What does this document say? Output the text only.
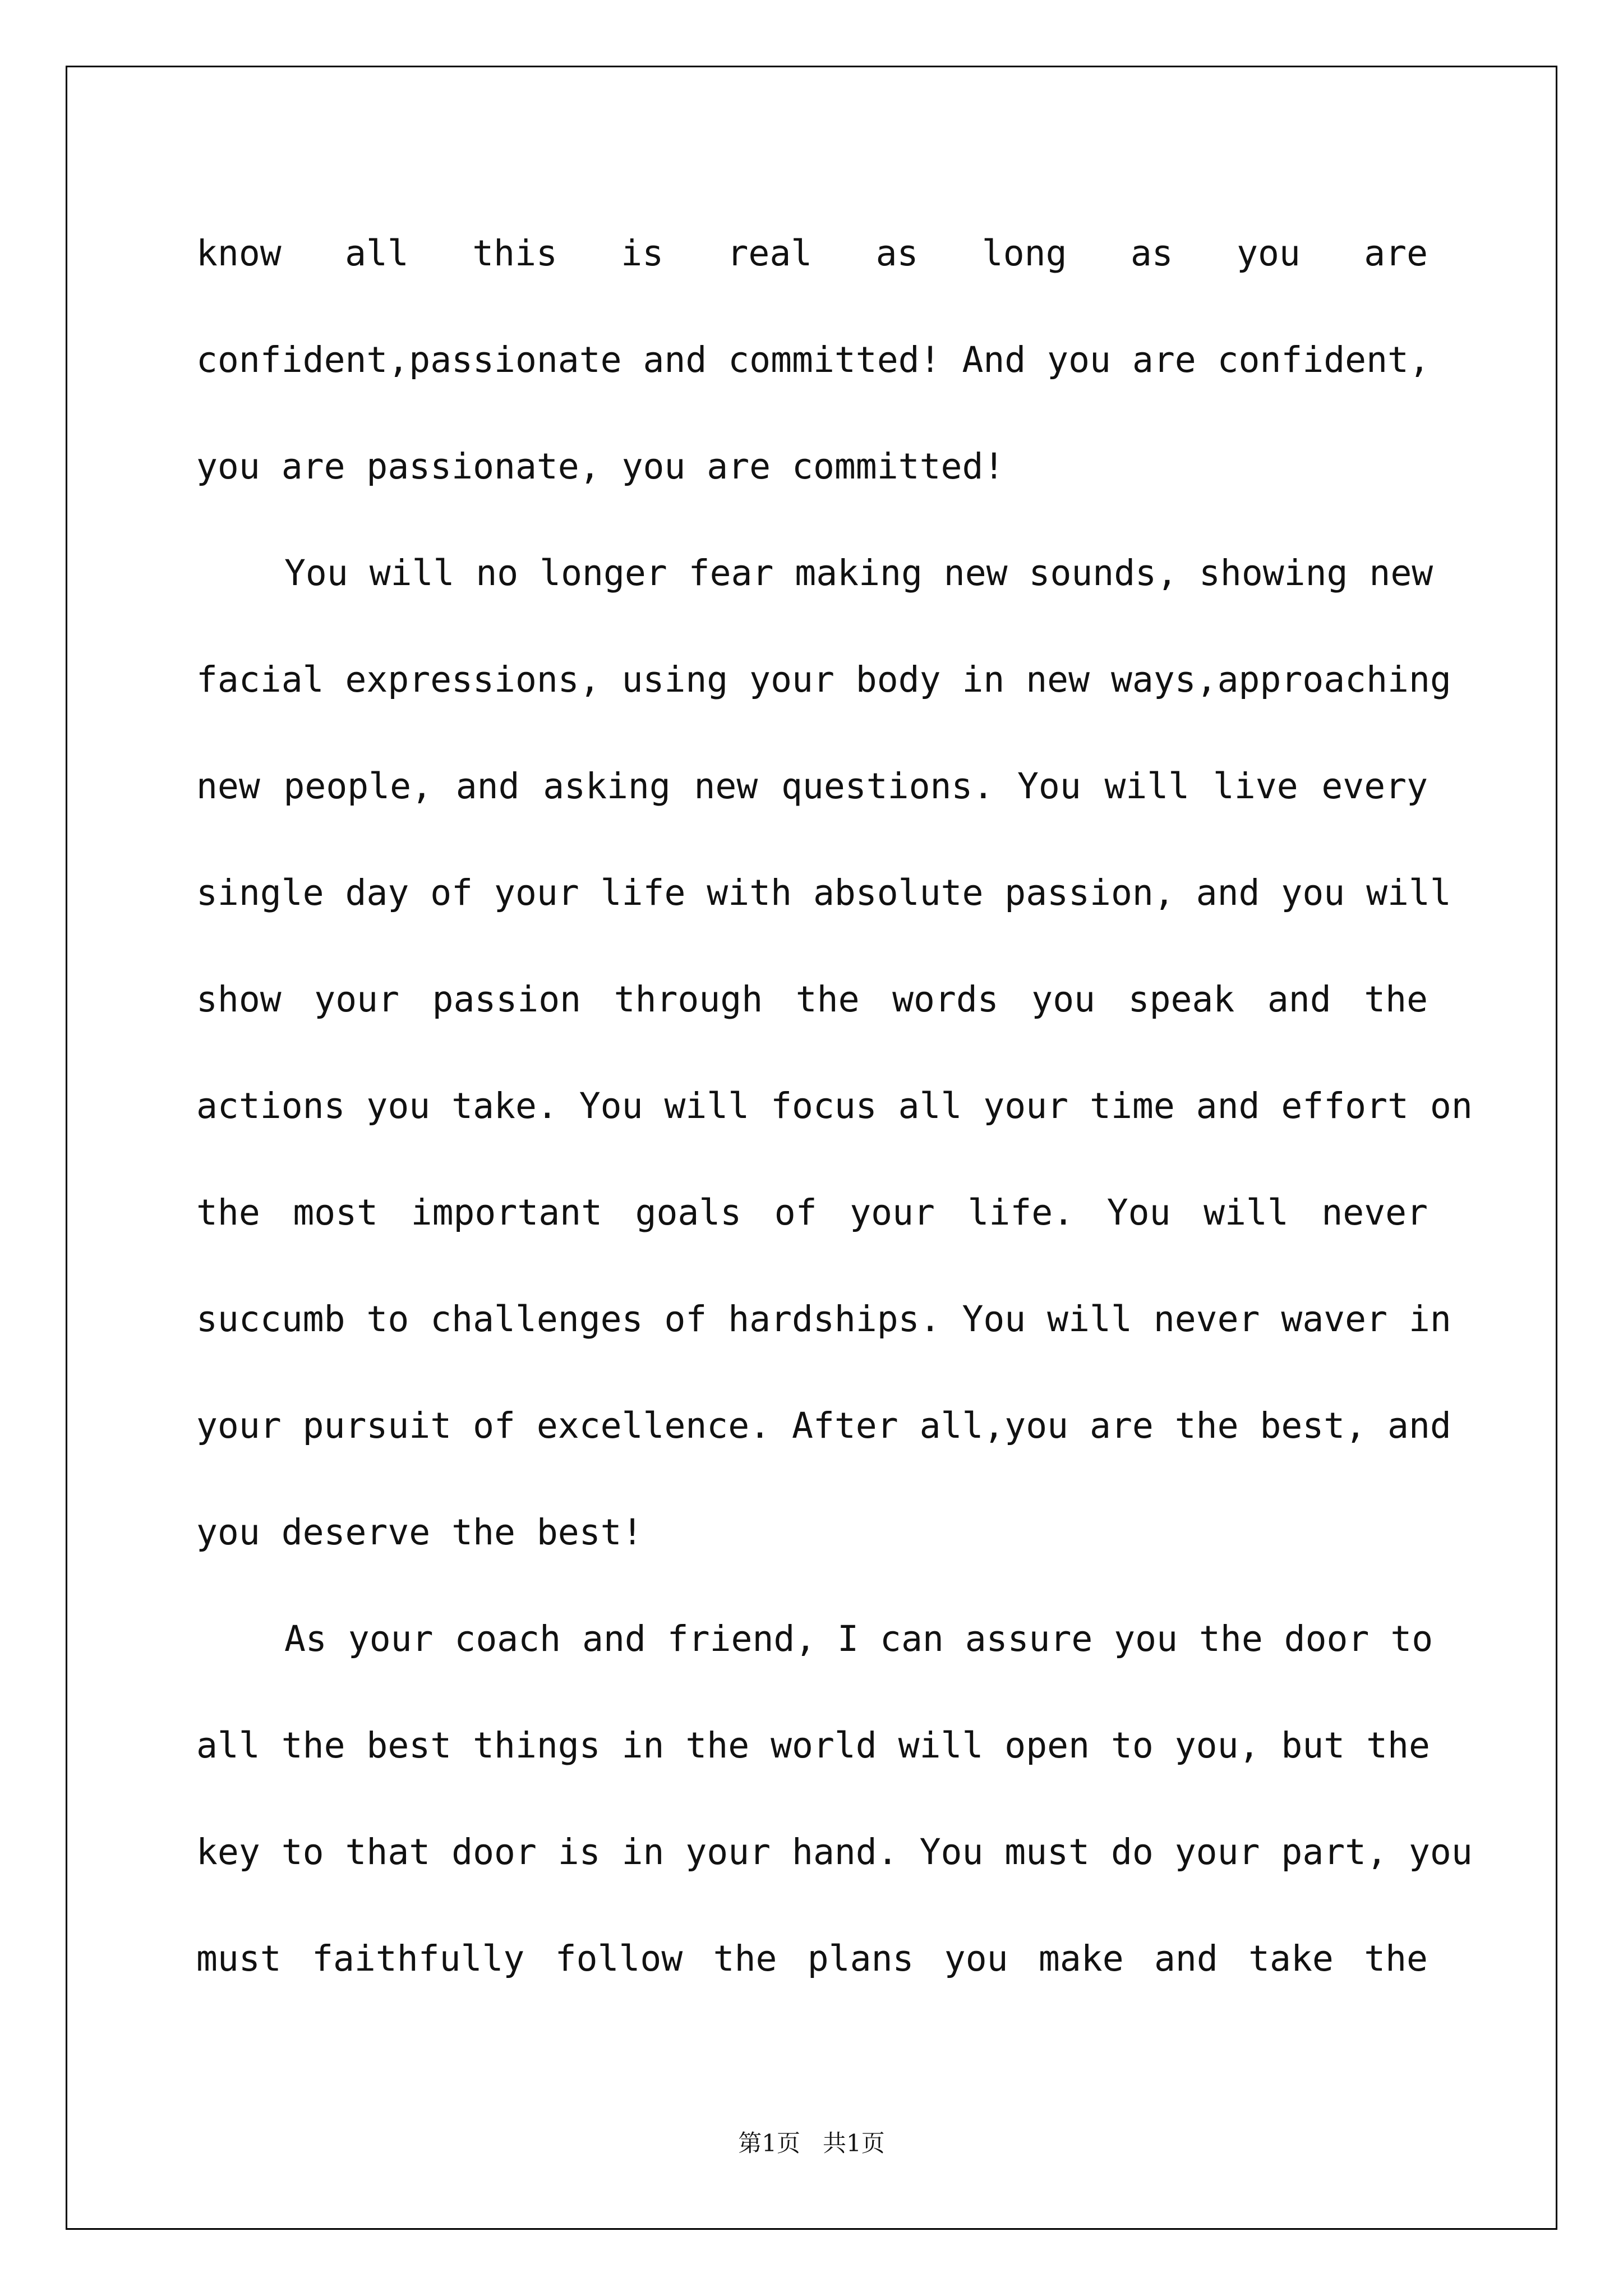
know all this is real as long as you are

confident,passionate and committed! And you are confident,

you are passionate, you are committed!

You will no longer fear making new sounds, showing new

facial expressions, using your body in new ways,approaching

new people, and asking new questions. You will live every

single day of your life with absolute passion, and you will

show your passion through the words you speak and the

actions you take. You will focus all your time and effort on

the most important goals of your life. You will never

succumb to challenges of hardships. You will never waver in

your pursuit of excellence. After all,you are the best, and

you deserve the best!

As your coach and friend, I can assure you the door to

all the best things in the world will open to you, but the

key to that door is in your hand. You must do your part, you

must faithfully follow the plans you make and take the

第1页   共1页
